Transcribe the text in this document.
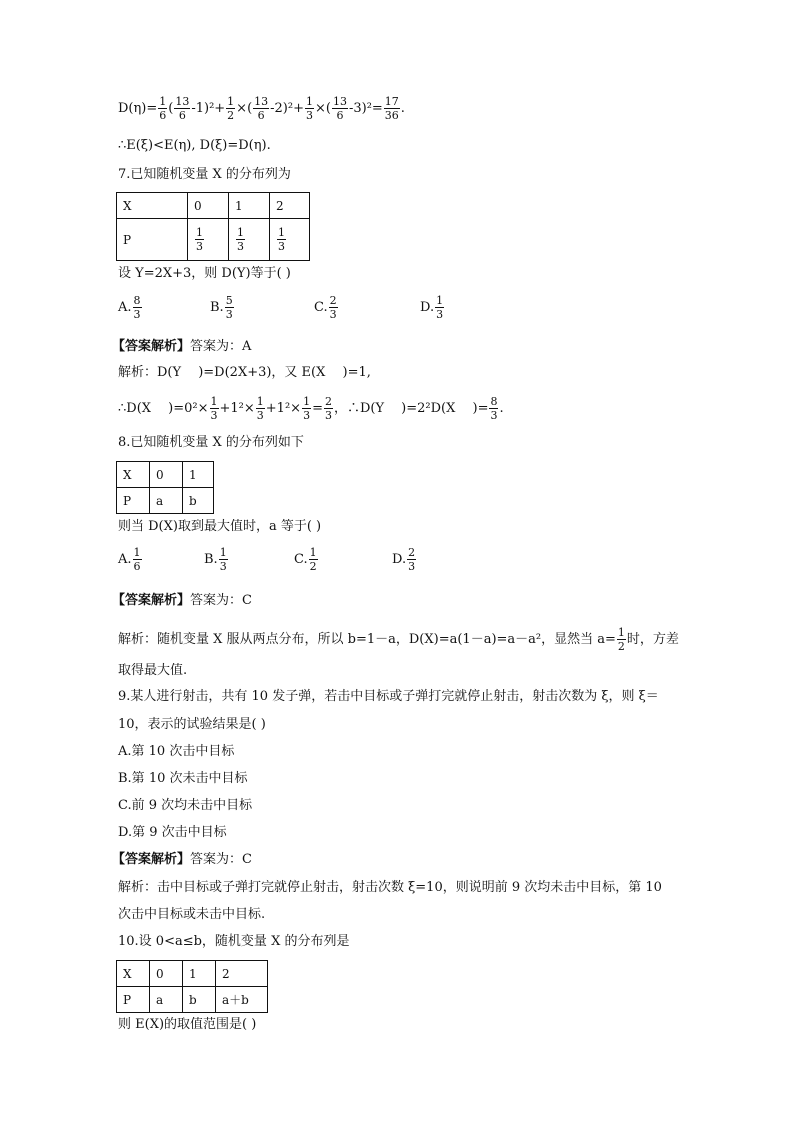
$D(\eta)= \frac{1}{6}$ ( $\frac{13}{6} -1)^2+ \frac{1}{2}$ ×( $\frac{13}{6} -2)^2+ \frac{1}{3}$ ×( $\frac{13}{6} -3)^2= \frac{17}{36}$ .
∴E(ξ)<E(η), D(ξ)=D(η).
7.已知随机变量 X 的分布列为
X	0	1	2
P	$\frac{1}{3}$	$\frac{1}{3}$	$\frac{1}{3}$
设 Y=2X+3，则 D(Y)等于( )
A. $\frac{8}{3}$	B. $\frac{5}{3}$	C. $\frac{2}{3}$	D. $\frac{1}{3}$
【答案解析】答案为：A
解析：D(Y　 )=D(2X+3)，又 E(X　 )=1,
∴D(X　 )$=0^2\times \frac{1}{3} +1^2\times \frac{1}{3} +1^2\times \frac{1}{3} = \frac{2}{3}$ ，∴D(Y　 )=2²D(X　 )= $\frac{8}{3}$ .
8.已知随机变量 X 的分布列如下
X	0	1
P	a	b
则当 D(X)取到最大值时，a 等于( )
A. $\frac{1}{6}$	B. $\frac{1}{3}$	C. $\frac{1}{2}$	D. $\frac{2}{3}$
【答案解析】答案为：C
解析：随机变量 X 服从两点分布，所以 b=1－a，D(X)=a(1－a)=a－a²，显然当 $a= \frac{1}{2}$ 时，方差
取得最大值.
9.某人进行射击，共有 10 发子弹，若击中目标或子弹打完就停止射击，射击次数为 ξ，则 ξ＝
10，表示的试验结果是( )
A.第 10 次击中目标
B.第 10 次未击中目标
C.前 9 次均未击中目标
D.第 9 次击中目标
【答案解析】答案为：C
解析：击中目标或子弹打完就停止射击，射击次数 ξ=10，则说明前 9 次均未击中目标，第 10
次击中目标或未击中目标.
10.设 0<a≤b，随机变量 X 的分布列是
X	0	1	2
P	a	b	a＋b
则 E(X)的取值范围是( )
